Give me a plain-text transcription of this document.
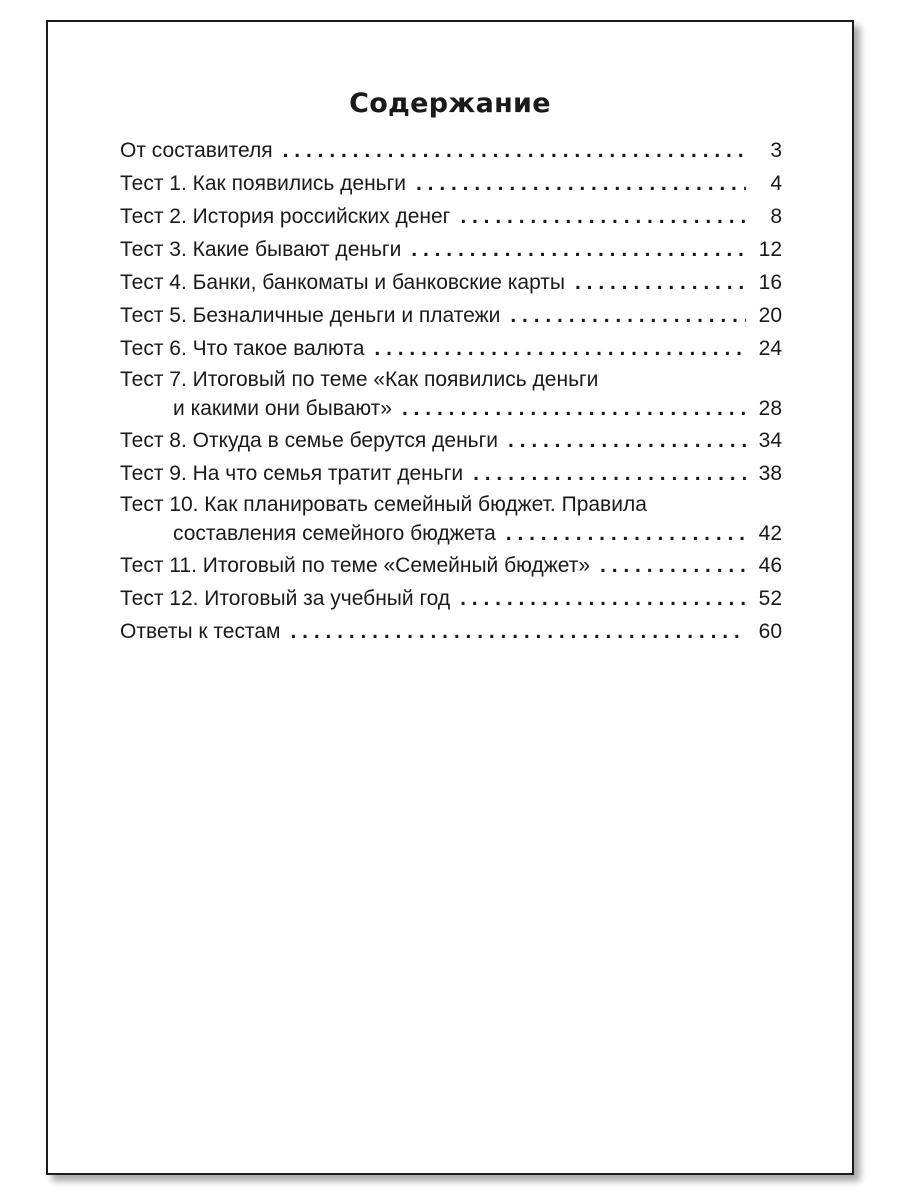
Содержание
От составителя . . .	3
Тест 1. Как появились деньги . . .	4
Тест 2. История российских денег . . .	8
Тест 3. Какие бывают деньги . . .	12
Тест 4. Банки, банкоматы и банковские карты . . .	16
Тест 5. Безналичные деньги и платежи . . .	20
Тест 6. Что такое валюта . . .	24
Тест 7. Итоговый по теме «Как появились деньги
и какими они бывают» . . .	28
Тест 8. Откуда в семье берутся деньги . . .	34
Тест 9. На что семья тратит деньги . . .	38
Тест 10. Как планировать семейный бюджет. Правила
составления семейного бюджета . . .	42
Тест 11. Итоговый по теме «Семейный бюджет» . . .	46
Тест 12. Итоговый за учебный год . . .	52
Ответы к тестам . . .	60
